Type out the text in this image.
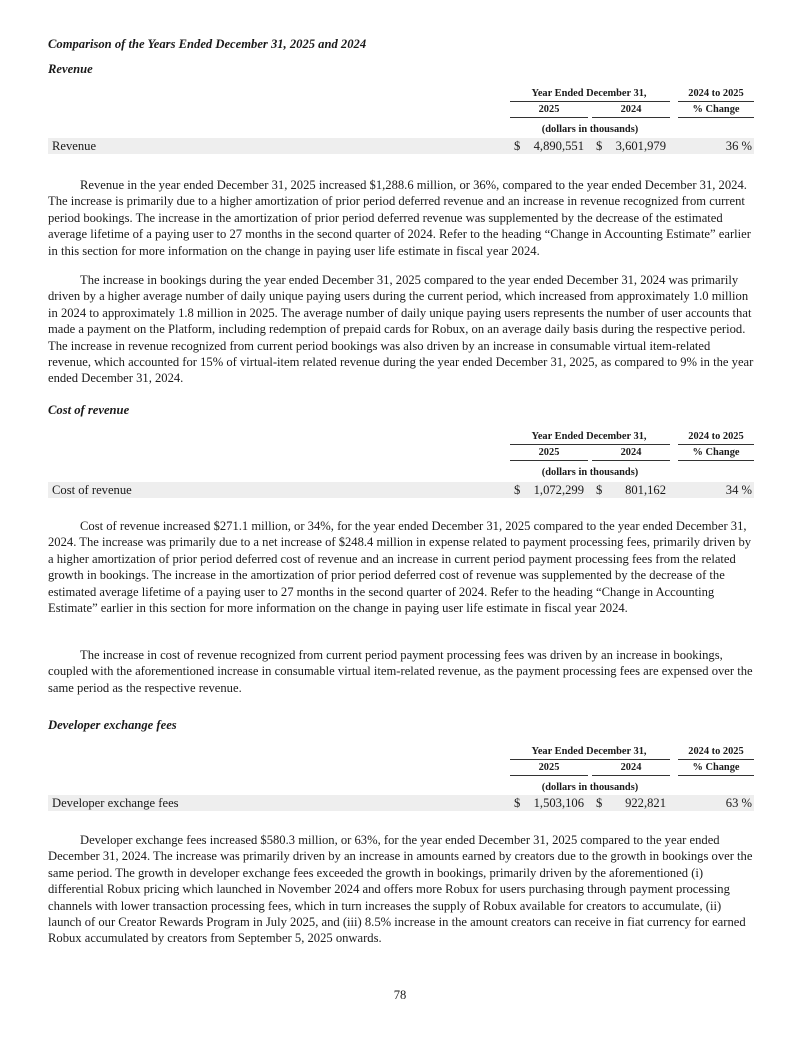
Comparison of the Years Ended December 31, 2025 and 2024

Revenue

Year Ended December 31,	2024 to 2025
2025	2024	% Change
(dollars in thousands)
Revenue	$ 4,890,551 $ 3,601,979	36 %

Revenue in the year ended December 31, 2025 increased $1,288.6 million, or 36%, compared to the year ended December 31, 2024. The increase is primarily due to a higher amortization of prior period deferred revenue and an increase in revenue recognized from current period bookings. The increase in the amortization of prior period deferred revenue was supplemented by the decrease of the estimated average lifetime of a paying user to 27 months in the second quarter of 2024. Refer to the heading “Change in Accounting Estimate” earlier in this section for more information on the change in paying user life estimate in fiscal year 2024.

The increase in bookings during the year ended December 31, 2025 compared to the year ended December 31, 2024 was primarily driven by a higher average number of daily unique paying users during the current period, which increased from approximately 1.0 million in 2024 to approximately 1.8 million in 2025. The average number of daily unique paying users represents the number of user accounts that made a payment on the Platform, including redemption of prepaid cards for Robux, on an average daily basis during the respective period. The increase in revenue recognized from current period bookings was also driven by an increase in consumable virtual item-related revenue, which accounted for 15% of virtual-item related revenue during the year ended December 31, 2025, as compared to 9% in the year ended December 31, 2024.

Cost of revenue

Year Ended December 31,	2024 to 2025
2025	2024	% Change
(dollars in thousands)
Cost of revenue	$ 1,072,299 $ 801,162	34 %

Cost of revenue increased $271.1 million, or 34%, for the year ended December 31, 2025 compared to the year ended December 31, 2024. The increase was primarily due to a net increase of $248.4 million in expense related to payment processing fees, primarily driven by a higher amortization of prior period deferred cost of revenue and an increase in current period payment processing fees from the related growth in bookings. The increase in the amortization of prior period deferred cost of revenue was supplemented by the decrease of the estimated average lifetime of a paying user to 27 months in the second quarter of 2024. Refer to the heading “Change in Accounting Estimate” earlier in this section for more information on the change in paying user life estimate in fiscal year 2024.

The increase in cost of revenue recognized from current period payment processing fees was driven by an increase in bookings, coupled with the aforementioned increase in consumable virtual item-related revenue, as the payment processing fees are expensed over the same period as the respective revenue.

Developer exchange fees

Year Ended December 31,	2024 to 2025
2025	2024	% Change
(dollars in thousands)
Developer exchange fees	$ 1,503,106 $ 922,821	63 %

Developer exchange fees increased $580.3 million, or 63%, for the year ended December 31, 2025 compared to the year ended December 31, 2024. The increase was primarily driven by an increase in amounts earned by creators due to the growth in bookings over the same period. The growth in developer exchange fees exceeded the growth in bookings, primarily driven by the aforementioned (i) differential Robux pricing which launched in November 2024 and offers more Robux for users purchasing through payment processing channels with lower transaction processing fees, which in turn increases the supply of Robux available for creators to accumulate, (ii) launch of our Creator Rewards Program in July 2025, and (iii) 8.5% increase in the amount creators can receive in fiat currency for earned Robux accumulated by creators from September 5, 2025 onwards.

78
